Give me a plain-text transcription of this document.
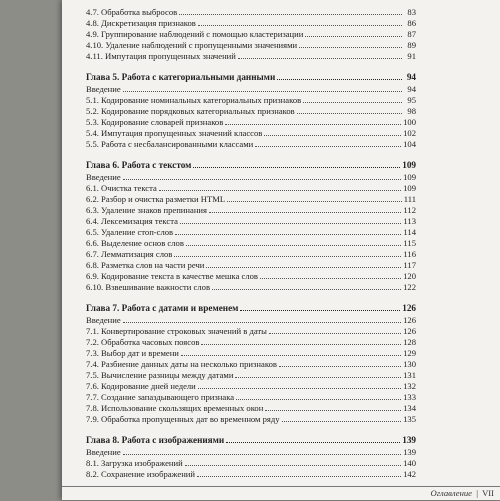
4.7. Обработка выбросов	83
4.8. Дискретизация признаков	86
4.9. Группирование наблюдений с помощью кластеризации	87
4.10. Удаление наблюдений с пропущенными значениями	89
4.11. Импутация пропущенных значений	91
Глава 5. Работа с категориальными данными	94
Введение	94
5.1. Кодирование номинальных категориальных признаков	95
5.2. Кодирование порядковых категориальных признаков	98
5.3. Кодирование словарей признаков	100
5.4. Импутация пропущенных значений классов	102
5.5. Работа с несбалансированными классами	104
Глава 6. Работа с текстом	109
Введение	109
6.1. Очистка текста	109
6.2. Разбор и очистка разметки HTML	111
6.3. Удаление знаков препинания	112
6.4. Лексемизация текста	113
6.5. Удаление стоп-слов	114
6.6. Выделение основ слов	115
6.7. Лемматизация слов	116
6.8. Разметка слов на части речи	117
6.9. Кодирование текста в качестве мешка слов	120
6.10. Взвешивание важности слов	122
Глава 7. Работа с датами и временем	126
Введение	126
7.1. Конвертирование строковых значений в даты	126
7.2. Обработка часовых поясов	128
7.3. Выбор дат и времени	129
7.4. Разбиение данных даты на несколько признаков	130
7.5. Вычисление разницы между датами	131
7.6. Кодирование дней недели	132
7.7. Создание запаздывающего признака	133
7.8. Использование скользящих временных окон	134
7.9. Обработка пропущенных дат во временном ряду	135
Глава 8. Работа с изображениями	139
Введение	139
8.1. Загрузка изображений	140
8.2. Сохранение изображений	142
Оглавление | VII
